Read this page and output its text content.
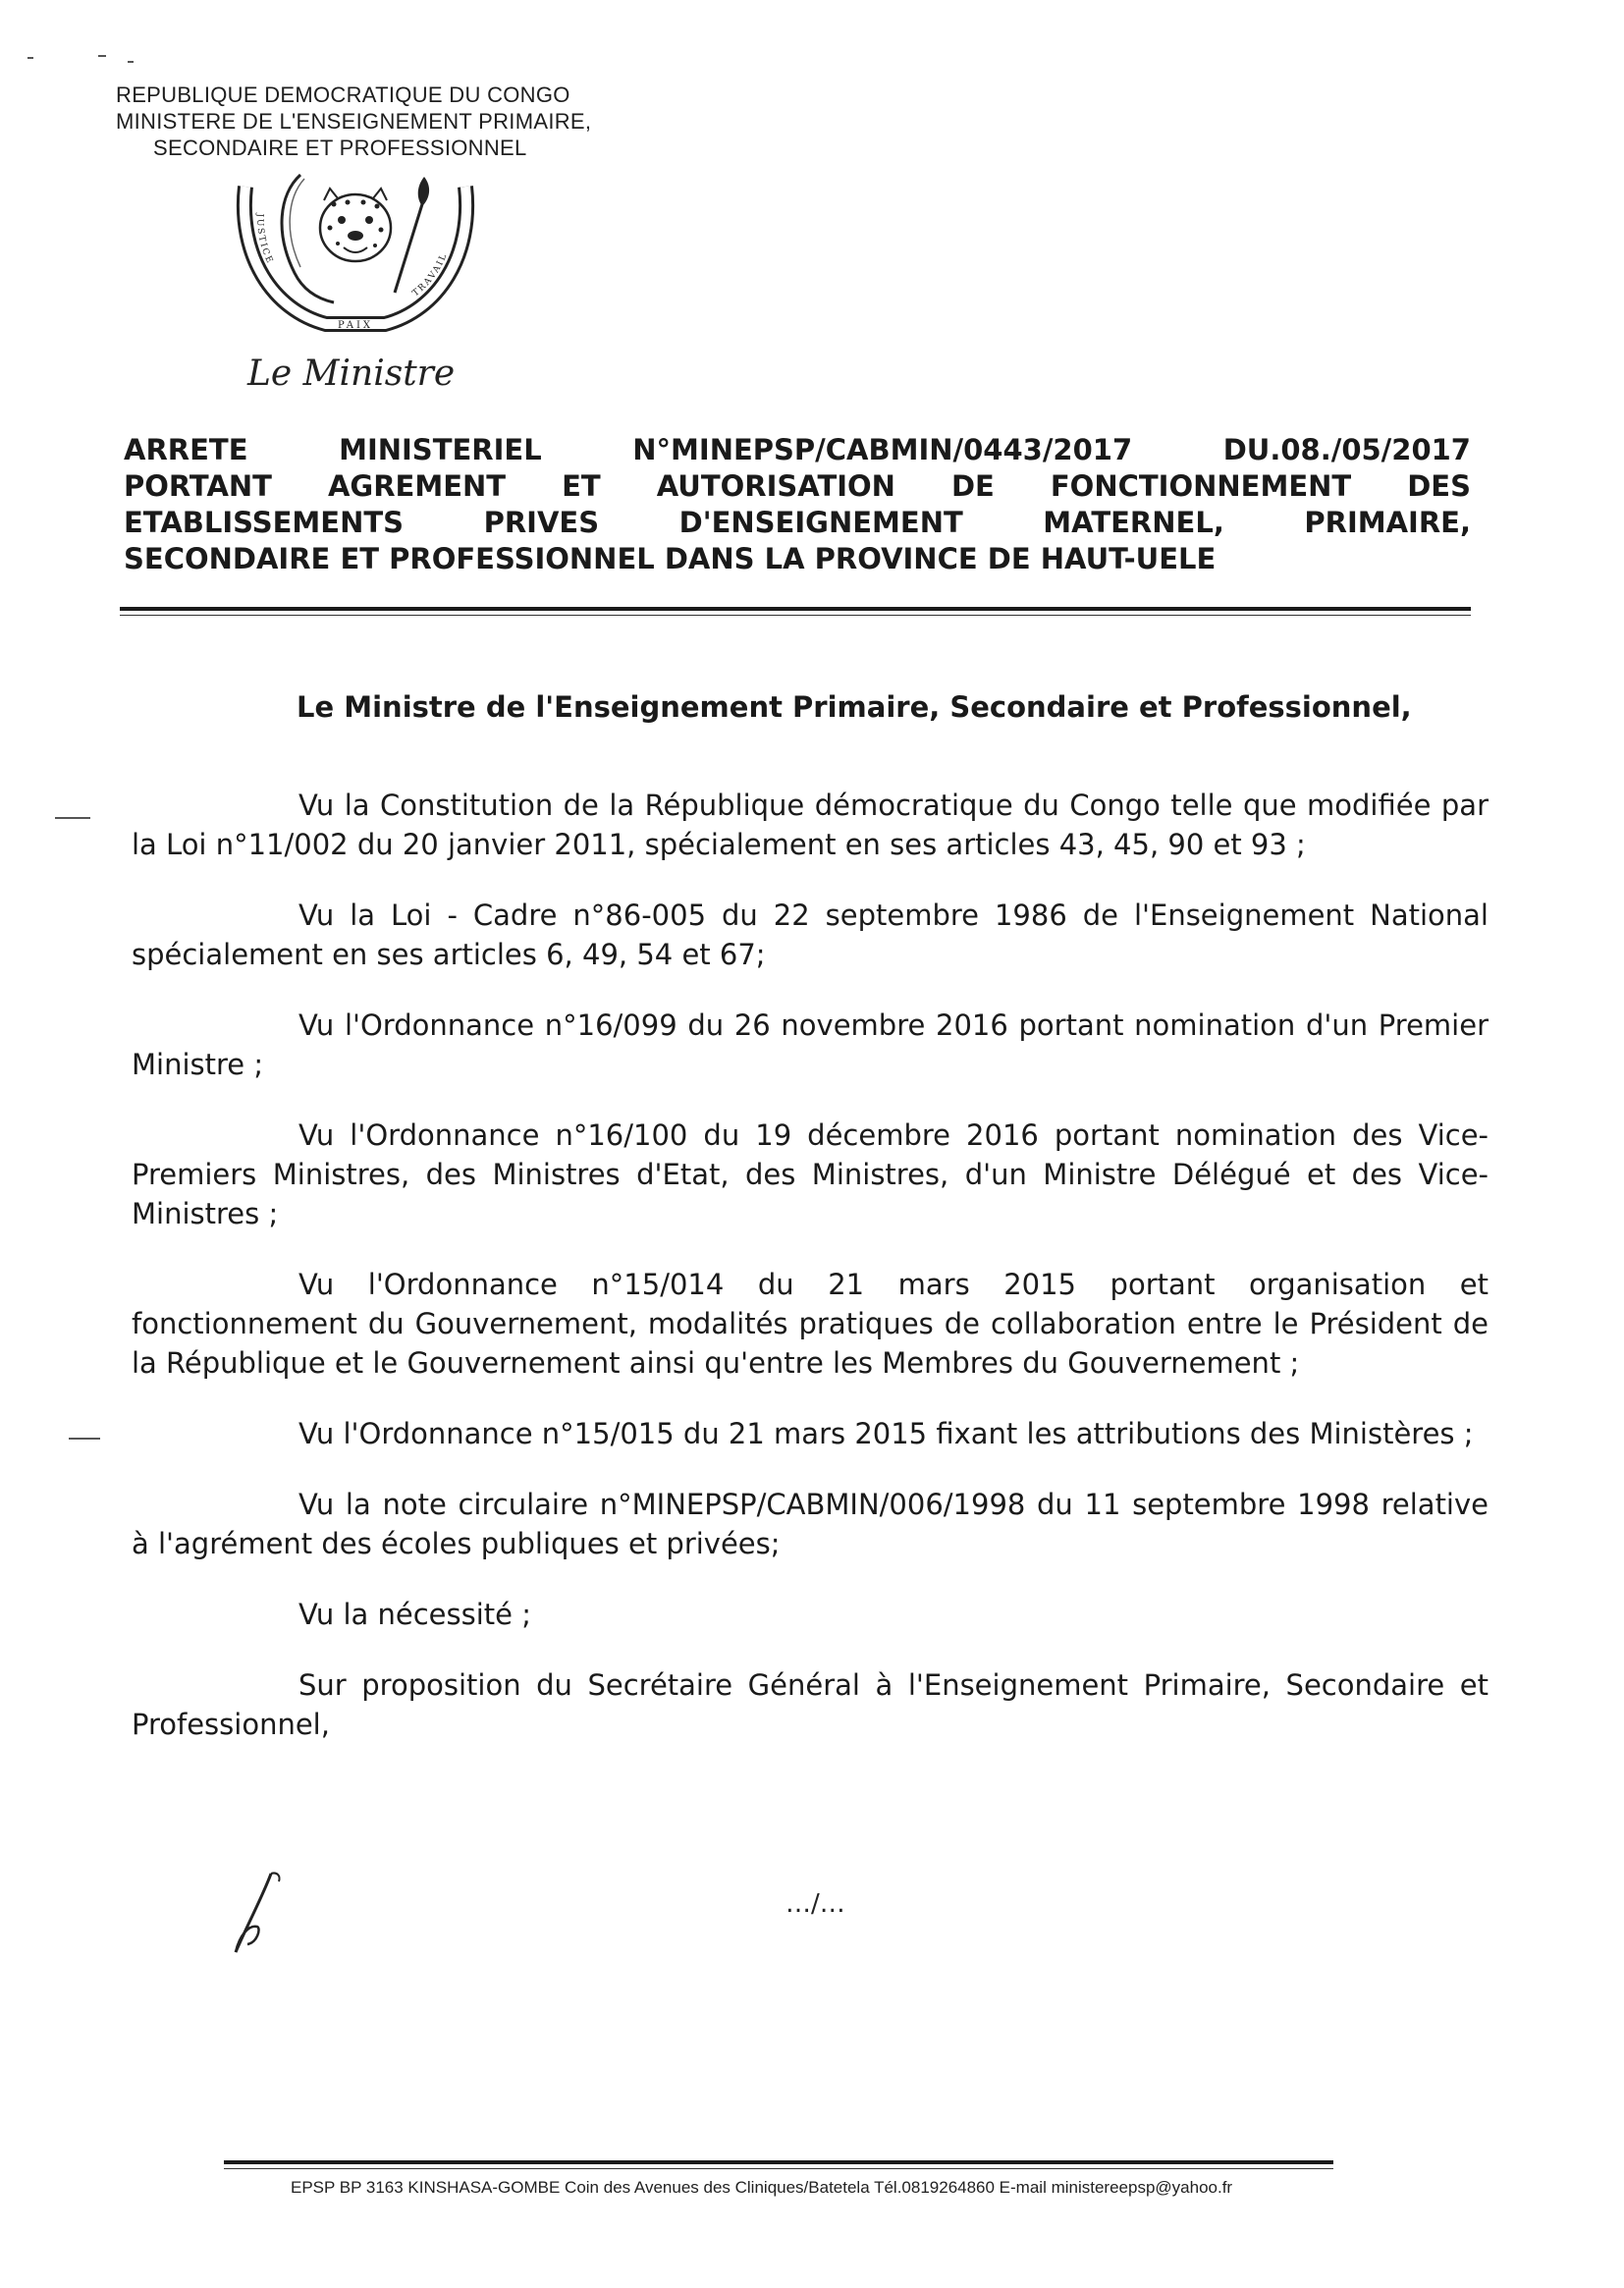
REPUBLIQUE DEMOCRATIQUE DU CONGO
MINISTERE DE L'ENSEIGNEMENT PRIMAIRE,
SECONDAIRE ET PROFESSIONNEL
JUSTICE
TRAVAIL
PAIX
Le Ministre
ARRETE	MINISTERIEL	N°MINEPSP/CABMIN/0443/2017	DU.08./05/2017
PORTANT AGREMENT ET AUTORISATION DE FONCTIONNEMENT DES
ETABLISSEMENTS	PRIVES	D'ENSEIGNEMENT	MATERNEL,	PRIMAIRE,
SECONDAIRE ET PROFESSIONNEL DANS LA PROVINCE DE HAUT-UELE
Le Ministre de l'Enseignement Primaire, Secondaire et Professionnel,

Vu la Constitution de la République démocratique du Congo telle que modifiée par la Loi n°11/002 du 20 janvier 2011, spécialement en ses articles 43, 45, 90 et 93 ;

Vu la Loi - Cadre n°86-005 du 22 septembre 1986 de l'Enseignement National spécialement en ses articles 6, 49, 54 et 67;

Vu l'Ordonnance n°16/099 du 26 novembre 2016 portant nomination d'un Premier Ministre ;

Vu l'Ordonnance n°16/100 du 19 décembre 2016 portant nomination des Vice-Premiers Ministres, des Ministres d'Etat, des Ministres, d'un Ministre Délégué et des Vice-Ministres ;

Vu l'Ordonnance n°15/014 du 21 mars 2015 portant organisation et fonctionnement du Gouvernement, modalités pratiques de collaboration entre le Président de la République et le Gouvernement ainsi qu'entre les Membres du Gouvernement ;

Vu l'Ordonnance n°15/015 du 21 mars 2015 fixant les attributions des Ministères ;

Vu la note circulaire n°MINEPSP/CABMIN/006/1998 du 11 septembre 1998 relative à l'agrément des écoles publiques et privées;

Vu la nécessité ;

Sur proposition du Secrétaire Général à l'Enseignement Primaire, Secondaire et Professionnel,

…/…
EPSP BP 3163 KINSHASA-GOMBE Coin des Avenues des Cliniques/Batetela Tél.0819264860 E-mail ministereepsp@yahoo.fr
